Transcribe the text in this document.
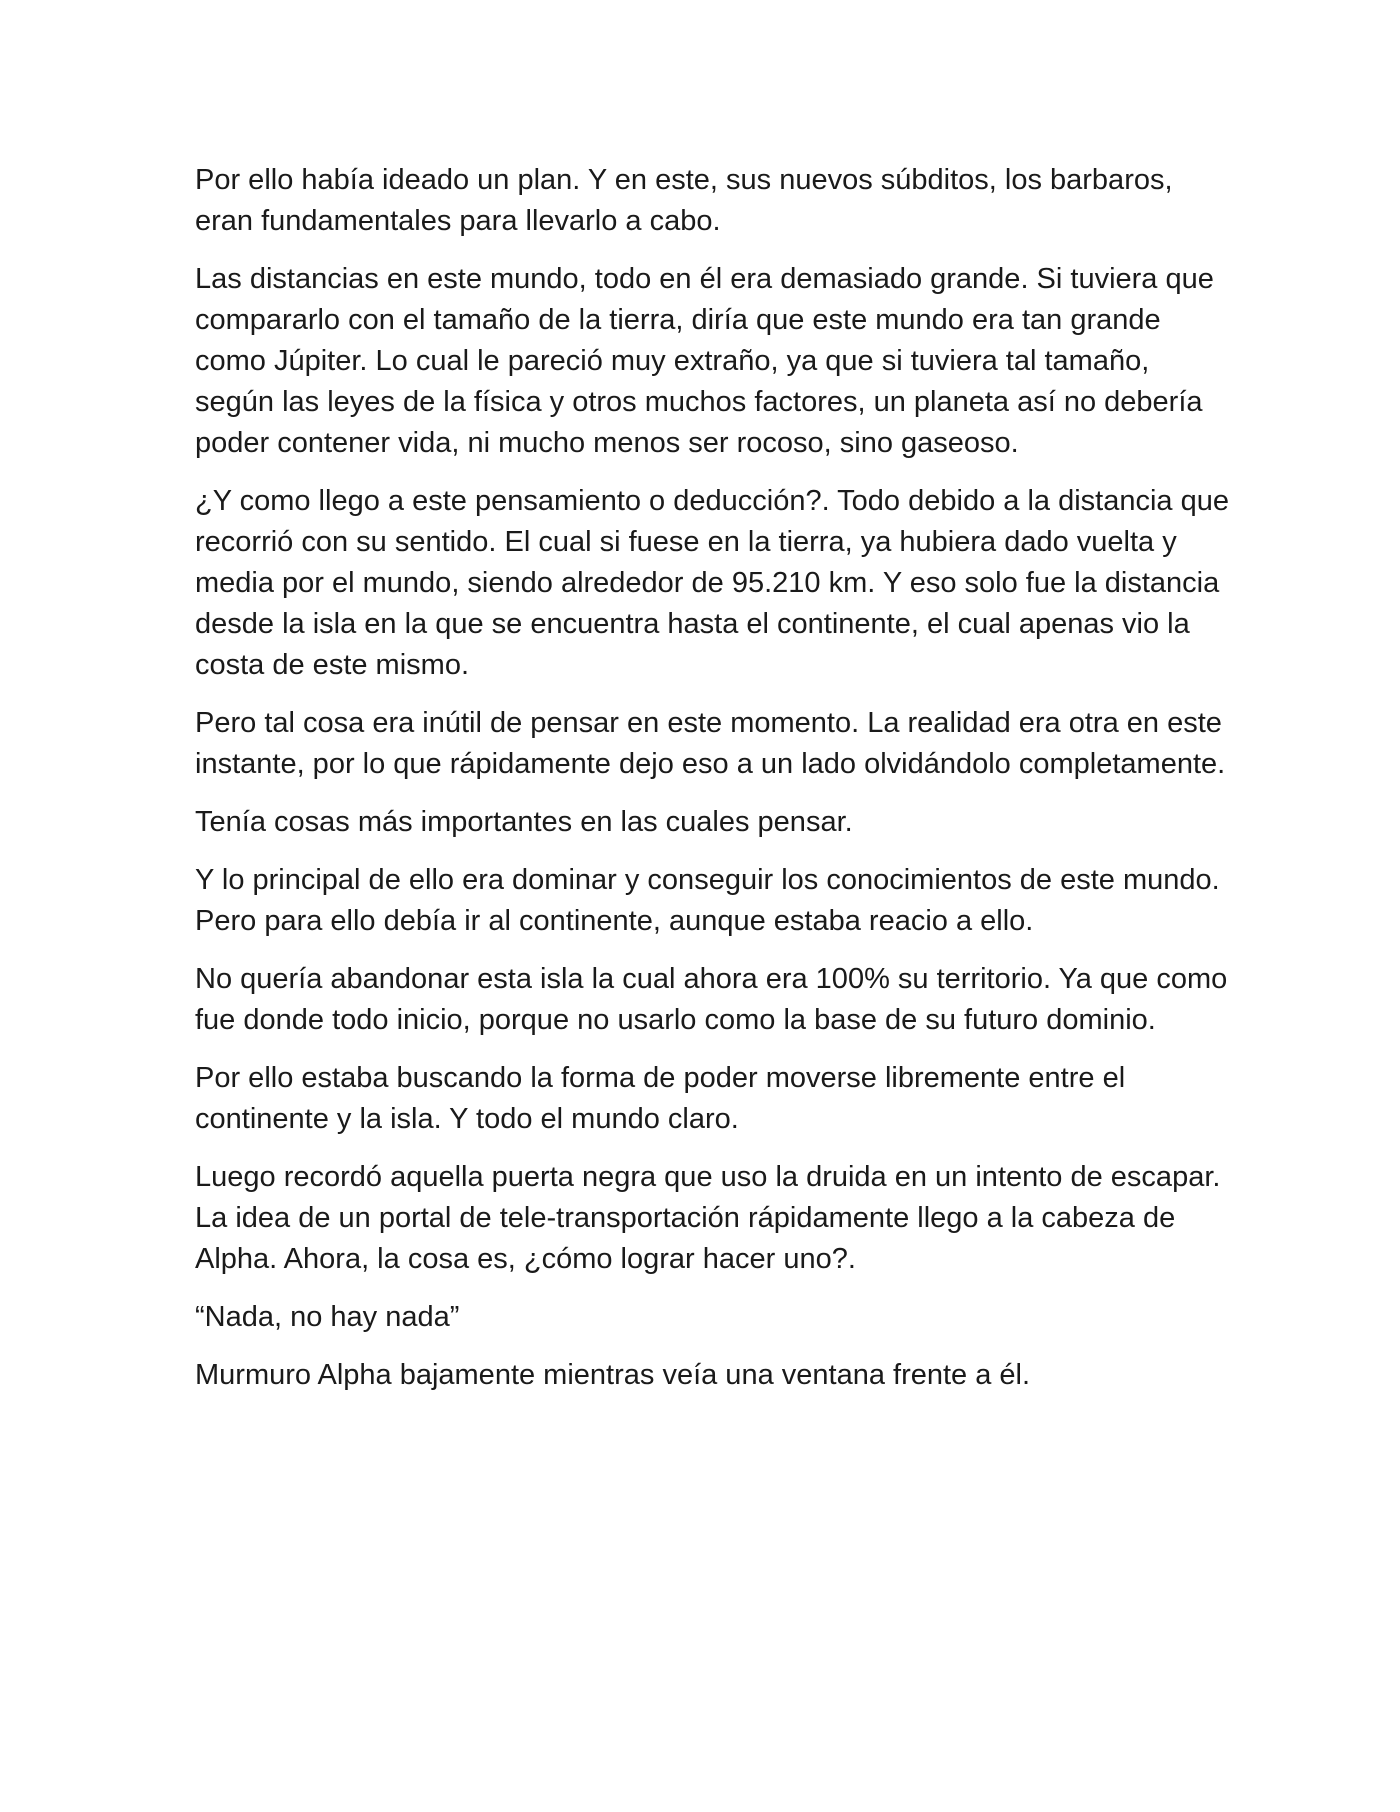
Por ello había ideado un plan. Y en este, sus nuevos súbditos, los barbaros, eran fundamentales para llevarlo a cabo.

Las distancias en este mundo, todo en él era demasiado grande. Si tuviera que compararlo con el tamaño de la tierra, diría que este mundo era tan grande como Júpiter. Lo cual le pareció muy extraño, ya que si tuviera tal tamaño, según las leyes de la física y otros muchos factores, un planeta así no debería poder contener vida, ni mucho menos ser rocoso, sino gaseoso.

¿Y como llego a este pensamiento o deducción?. Todo debido a la distancia que recorrió con su sentido. El cual si fuese en la tierra, ya hubiera dado vuelta y media por el mundo, siendo alrededor de 95.210 km. Y eso solo fue la distancia desde la isla en la que se encuentra hasta el continente, el cual apenas vio la costa de este mismo.

Pero tal cosa era inútil de pensar en este momento. La realidad era otra en este instante, por lo que rápidamente dejo eso a un lado olvidándolo completamente.

Tenía cosas más importantes en las cuales pensar.

Y lo principal de ello era dominar y conseguir los conocimientos de este mundo. Pero para ello debía ir al continente, aunque estaba reacio a ello.

No quería abandonar esta isla la cual ahora era 100% su territorio. Ya que como fue donde todo inicio, porque no usarlo como la base de su futuro dominio.

Por ello estaba buscando la forma de poder moverse libremente entre el continente y la isla. Y todo el mundo claro.

Luego recordó aquella puerta negra que uso la druida en un intento de escapar. La idea de un portal de tele-transportación rápidamente llego a la cabeza de Alpha. Ahora, la cosa es, ¿cómo lograr hacer uno?.

“Nada, no hay nada”

Murmuro Alpha bajamente mientras veía una ventana frente a él.
